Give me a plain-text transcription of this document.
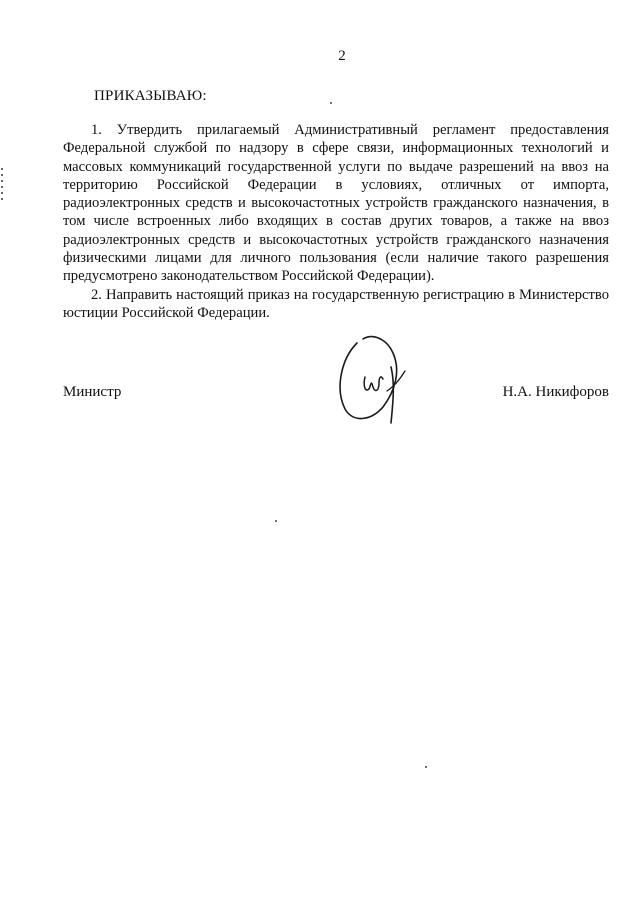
2
ПРИКАЗЫВАЮ:

1. Утвердить прилагаемый Административный регламент предоставления Федеральной службой по надзору в сфере связи, информационных технологий и массовых коммуникаций государственной услуги по выдаче разрешений на ввоз на территорию Российской Федерации в условиях, отличных от импорта, радиоэлектронных средств и высокочастотных устройств гражданского назначения, в том числе встроенных либо входящих в состав других товаров, а также на ввоз радиоэлектронных средств и высокочастотных устройств гражданского назначения физическими лицами для личного пользования (если наличие такого разрешения предусмотрено законодательством Российской Федерации).

2. Направить настоящий приказ на государственную регистрацию в Министерство юстиции Российской Федерации.

Министр	Н.А. Никифоров
